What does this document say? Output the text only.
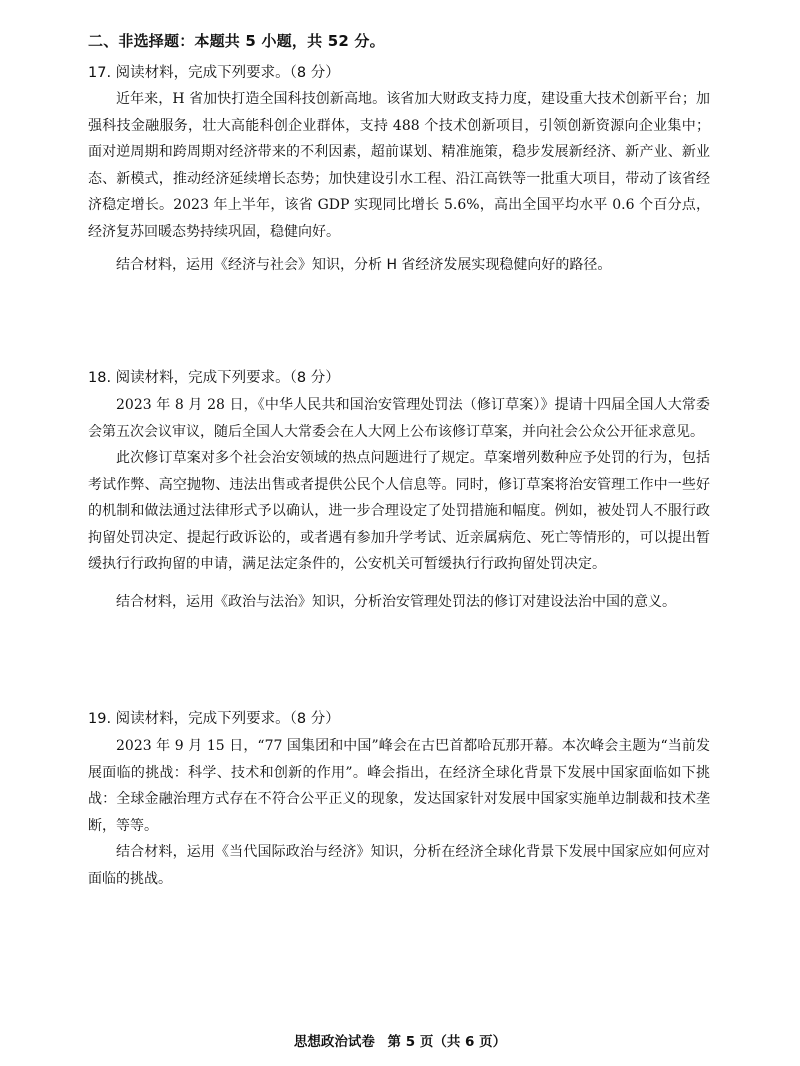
二、非选择题：本题共 5 小题，共 52 分。
17. 阅读材料，完成下列要求。（8 分）

近年来，H 省加快打造全国科技创新高地。该省加大财政支持力度，建设重大技术创新平台；加强科技金融服务，壮大高能科创企业群体，支持 488 个技术创新项目，引领创新资源向企业集中；面对逆周期和跨周期对经济带来的不利因素，超前谋划、精准施策，稳步发展新经济、新产业、新业态、新模式，推动经济延续增长态势；加快建设引水工程、沿江高铁等一批重大项目，带动了该省经济稳定增长。2023 年上半年，该省 GDP 实现同比增长 5.6%，高出全国平均水平 0.6 个百分点，经济复苏回暖态势持续巩固，稳健向好。

结合材料，运用《经济与社会》知识，分析 H 省经济发展实现稳健向好的路径。

18. 阅读材料，完成下列要求。（8 分）

2023 年 8 月 28 日，《中华人民共和国治安管理处罚法（修订草案）》提请十四届全国人大常委会第五次会议审议，随后全国人大常委会在人大网上公布该修订草案，并向社会公众公开征求意见。

此次修订草案对多个社会治安领域的热点问题进行了规定。草案增列数种应予处罚的行为，包括考试作弊、高空抛物、违法出售或者提供公民个人信息等。同时，修订草案将治安管理工作中一些好的机制和做法通过法律形式予以确认，进一步合理设定了处罚措施和幅度。例如，被处罚人不服行政拘留处罚决定、提起行政诉讼的，或者遇有参加升学考试、近亲属病危、死亡等情形的，可以提出暂缓执行行政拘留的申请，满足法定条件的，公安机关可暂缓执行行政拘留处罚决定。

结合材料，运用《政治与法治》知识，分析治安管理处罚法的修订对建设法治中国的意义。

19. 阅读材料，完成下列要求。（8 分）

2023 年 9 月 15 日，“77 国集团和中国”峰会在古巴首都哈瓦那开幕。本次峰会主题为“当前发展面临的挑战：科学、技术和创新的作用”。峰会指出，在经济全球化背景下发展中国家面临如下挑战：全球金融治理方式存在不符合公平正义的现象，发达国家针对发展中国家实施单边制裁和技术垄断，等等。

结合材料，运用《当代国际政治与经济》知识，分析在经济全球化背景下发展中国家应如何应对面临的挑战。

思想政治试卷 第 5 页（共 6 页）
